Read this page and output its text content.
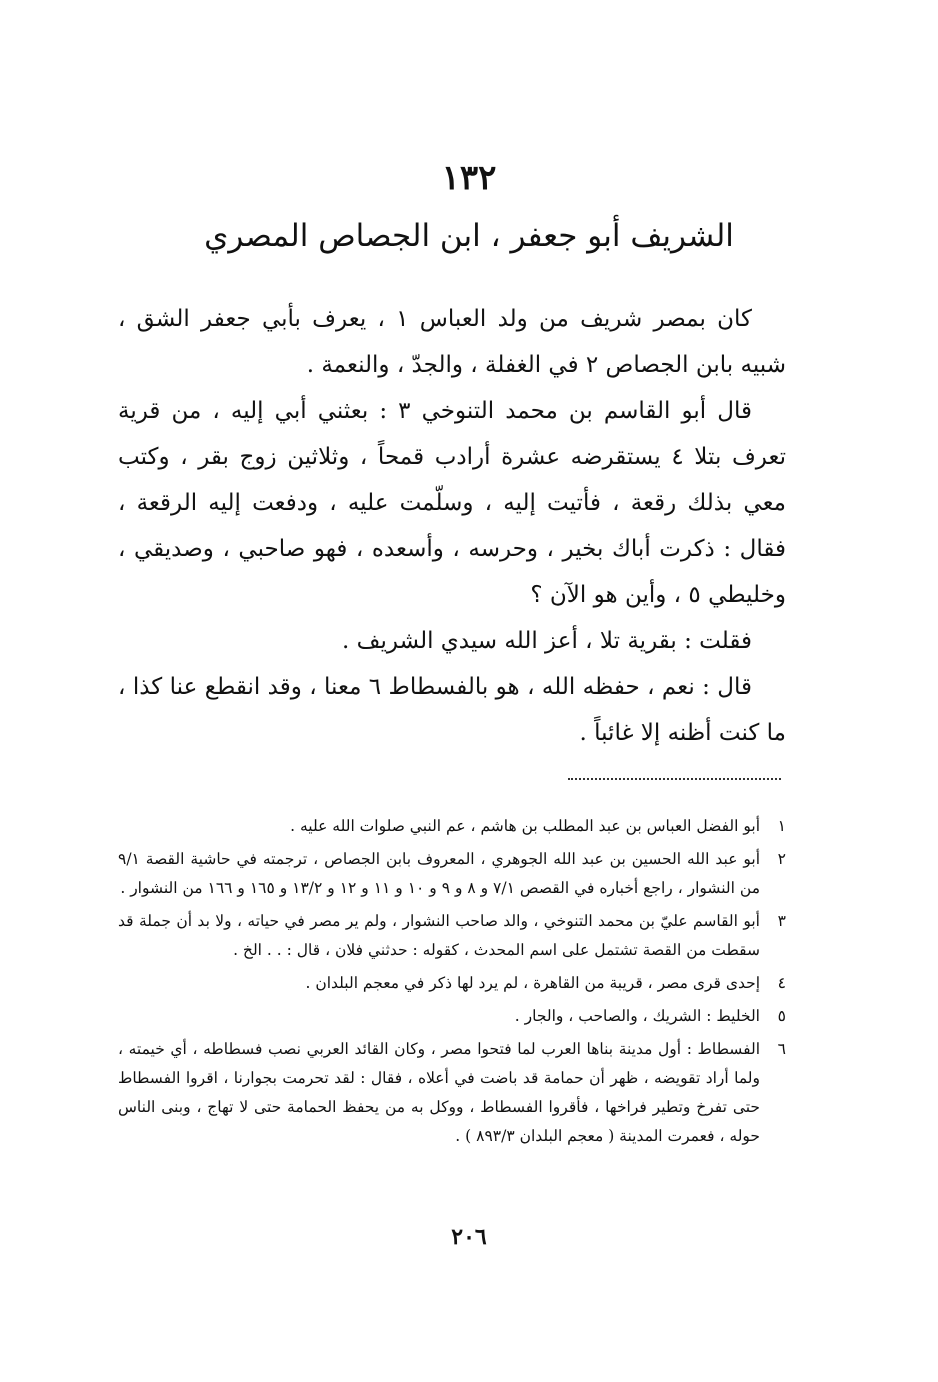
١٣٢
الشريف أبو جعفر ، ابن الجصاص المصري

كان بمصر شريف من ولد العباس ١ ، يعرف بأبي جعفر الشق ، شبيه بابن الجصاص ٢ في الغفلة ، والجدّ ، والنعمة .

قال أبو القاسم بن محمد التنوخي ٣ : بعثني أبي إليه ، من قرية تعرف بتلا ٤ يستقرضه عشرة أرادب قمحاً ، وثلاثين زوج بقر ، وكتب معي بذلك رقعة ، فأتيت إليه ، وسلّمت عليه ، ودفعت إليه الرقعة ، فقال : ذكرت أباك بخير ، وحرسه ، وأسعده ، فهو صاحبي ، وصديقي ، وخليطي ٥ ، وأين هو الآن ؟

فقلت : بقرية تلا ، أعز الله سيدي الشريف .

قال : نعم ، حفظه الله ، هو بالفسطاط ٦ معنا ، وقد انقطع عنا كذا ، ما كنت أظنه إلا غائباً .

١
أبو الفضل العباس بن عبد المطلب بن هاشم ، عم النبي صلوات الله عليه .
٢
أبو عبد الله الحسين بن عبد الله الجوهري ، المعروف بابن الجصاص ، ترجمته في حاشية القصة ٩/١ من النشوار ، راجع أخباره في القصص ٧/١ و ٨ و ٩ و ١٠ و ١١ و ١٢ و ١٣/٢ و ١٦٥ و ١٦٦ من النشوار .
٣
أبو القاسم عليّ بن محمد التنوخي ، والد صاحب النشوار ، ولم ير مصر في حياته ، ولا بد أن جملة قد سقطت من القصة تشتمل على اسم المحدث ، كقوله : حدثني فلان ، قال : . . الخ .
٤
إحدى قرى مصر ، قريبة من القاهرة ، لم يرد لها ذكر في معجم البلدان .
٥
الخليط : الشريك ، والصاحب ، والجار .
٦
الفسطاط : أول مدينة بناها العرب لما فتحوا مصر ، وكان القائد العربي نصب فسطاطه ، أي خيمته ، ولما أراد تقويضه ، ظهر أن حمامة قد باضت في أعلاه ، فقال : لقد تحرمت بجوارنا ، اقروا الفسطاط حتى تفرخ وتطير فراخها ، فأقروا الفسطاط ، ووكل به من يحفظ الحمامة حتى لا تهاج ، وبنى الناس حوله ، فعمرت المدينة ( معجم البلدان ٨٩٣/٣ ) .
٢٠٦
